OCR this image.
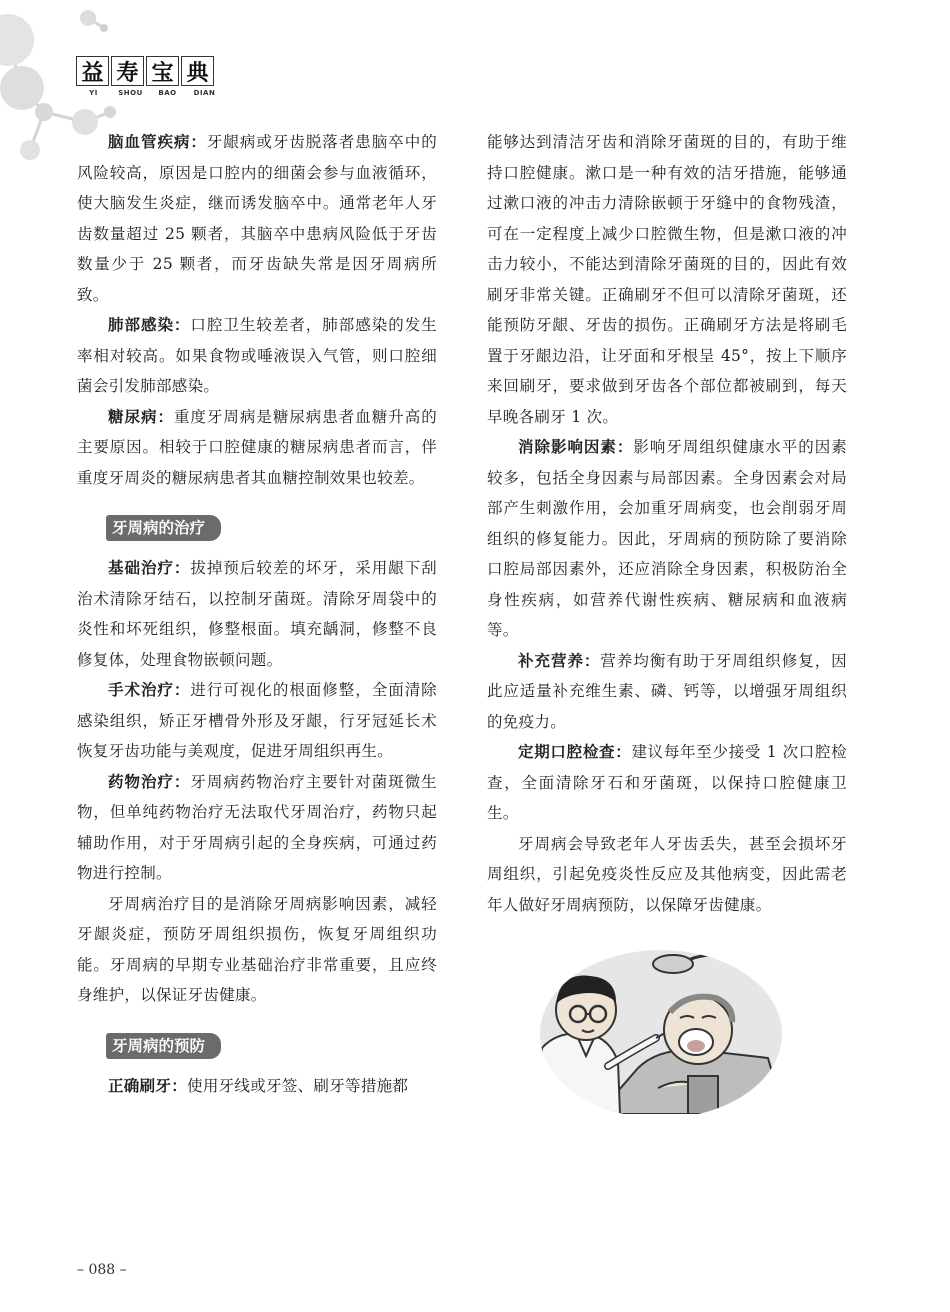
益 寿 宝 典
YI	SHOU	BAO	DIAN

脑血管疾病：牙龈病或牙齿脱落者患脑卒中的风险较高，原因是口腔内的细菌会参与血液循环，使大脑发生炎症，继而诱发脑卒中。通常老年人牙齿数量超过 25 颗者，其脑卒中患病风险低于牙齿数量少于 25 颗者，而牙齿缺失常是因牙周病所致。

肺部感染：口腔卫生较差者，肺部感染的发生率相对较高。如果食物或唾液误入气管，则口腔细菌会引发肺部感染。

糖尿病：重度牙周病是糖尿病患者血糖升高的主要原因。相较于口腔健康的糖尿病患者而言，伴重度牙周炎的糖尿病患者其血糖控制效果也较差。

牙周病的治疗

基础治疗：拔掉预后较差的坏牙，采用龈下刮治术清除牙结石，以控制牙菌斑。清除牙周袋中的炎性和坏死组织，修整根面。填充龋洞，修整不良修复体，处理食物嵌顿问题。

手术治疗：进行可视化的根面修整，全面清除感染组织，矫正牙槽骨外形及牙龈，行牙冠延长术恢复牙齿功能与美观度，促进牙周组织再生。

药物治疗：牙周病药物治疗主要针对菌斑微生物，但单纯药物治疗无法取代牙周治疗，药物只起辅助作用，对于牙周病引起的全身疾病，可通过药物进行控制。

牙周病治疗目的是消除牙周病影响因素，减轻牙龈炎症，预防牙周组织损伤，恢复牙周组织功能。牙周病的早期专业基础治疗非常重要，且应终身维护，以保证牙齿健康。

牙周病的预防

正确刷牙：使用牙线或牙签、刷牙等措施都

能够达到清洁牙齿和消除牙菌斑的目的，有助于维持口腔健康。漱口是一种有效的洁牙措施，能够通过漱口液的冲击力清除嵌顿于牙缝中的食物残渣，可在一定程度上减少口腔微生物，但是漱口液的冲击力较小，不能达到清除牙菌斑的目的，因此有效刷牙非常关键。正确刷牙不但可以清除牙菌斑，还能预防牙龈、牙齿的损伤。正确刷牙方法是将刷毛置于牙龈边沿，让牙面和牙根呈 45°，按上下顺序来回刷牙，要求做到牙齿各个部位都被刷到，每天早晚各刷牙 1 次。

消除影响因素：影响牙周组织健康水平的因素较多，包括全身因素与局部因素。全身因素会对局部产生刺激作用，会加重牙周病变，也会削弱牙周组织的修复能力。因此，牙周病的预防除了要消除口腔局部因素外，还应消除全身因素，积极防治全身性疾病，如营养代谢性疾病、糖尿病和血液病等。

补充营养：营养均衡有助于牙周组织修复，因此应适量补充维生素、磷、钙等，以增强牙周组织的免疫力。

定期口腔检查：建议每年至少接受 1 次口腔检查，全面清除牙石和牙菌斑，以保持口腔健康卫生。

牙周病会导致老年人牙齿丢失，甚至会损坏牙周组织，引起免疫炎性反应及其他病变，因此需老年人做好牙周病预防，以保障牙齿健康。

– 088 –
